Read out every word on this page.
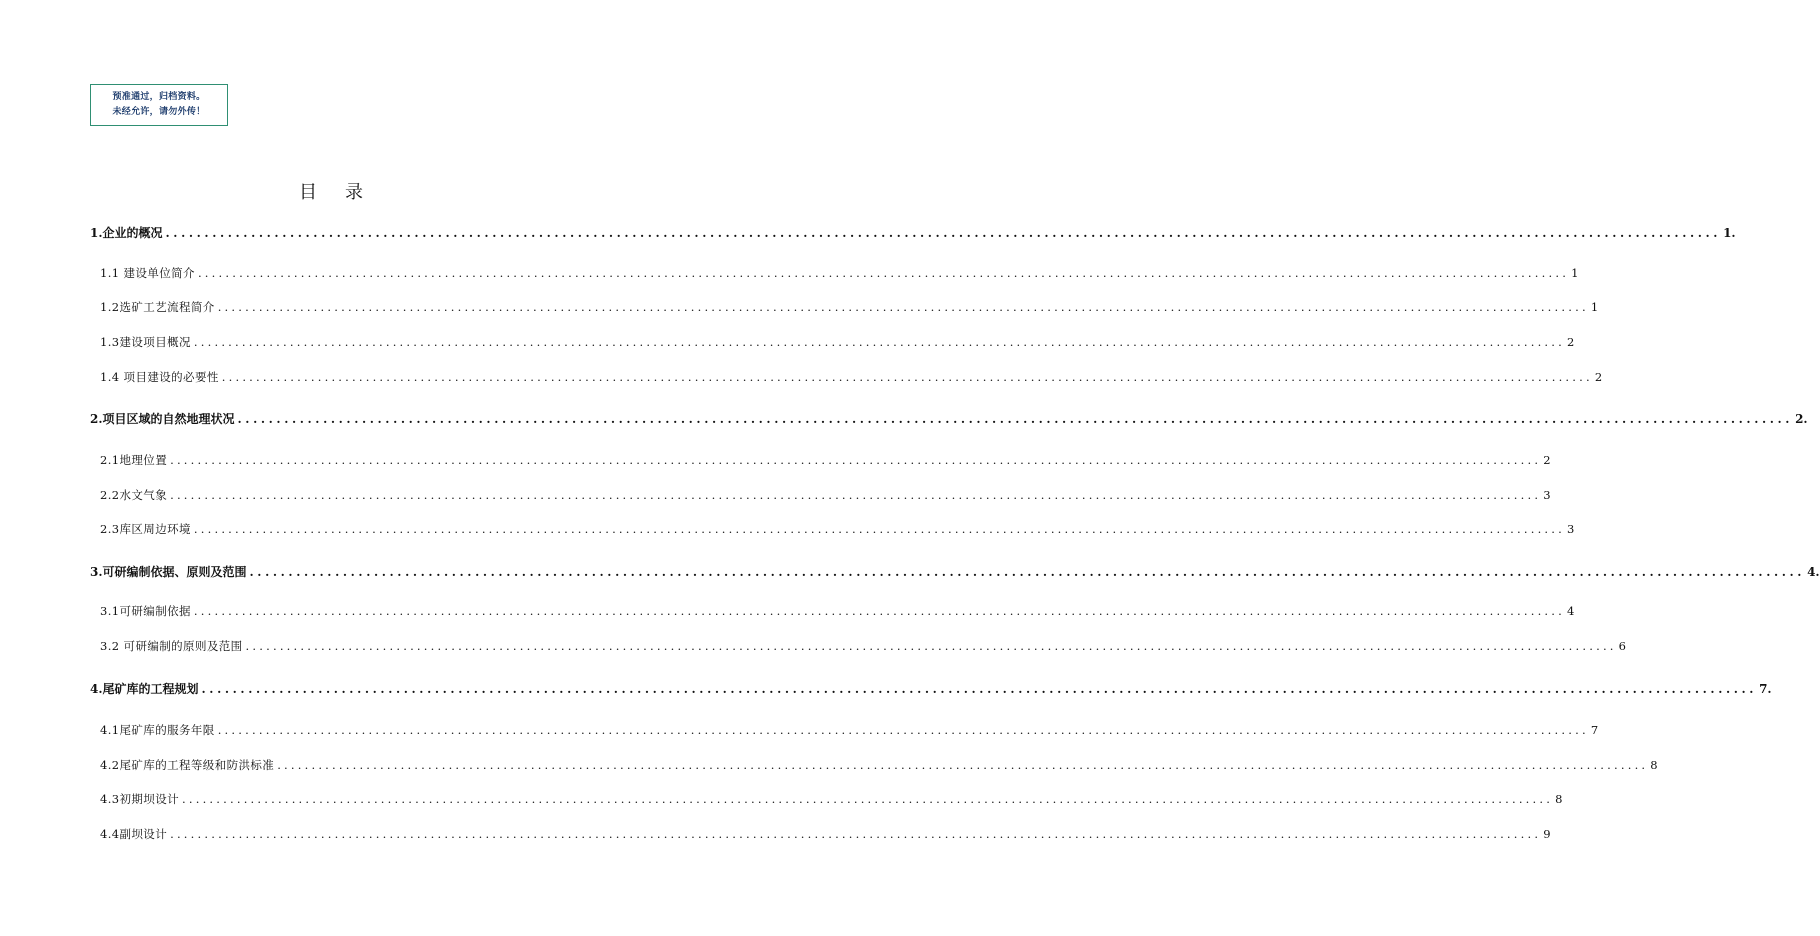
预准通过，归档资料。
未经允许，请勿外传！
目录
1.企业的概况 ........................................................................................................................................................................................................ 1.
1.1 建设单位简介 ........................................................................................................................................................................................................ 1
1.2选矿工艺流程简介 ........................................................................................................................................................................................................ 1
1.3建设项目概况 ........................................................................................................................................................................................................ 2
1.4 项目建设的必要性 ........................................................................................................................................................................................................ 2
2.项目区域的自然地理状况 ........................................................................................................................................................................................................ 2.
2.1地理位置 ........................................................................................................................................................................................................ 2
2.2水文气象 ........................................................................................................................................................................................................ 3
2.3库区周边环境 ........................................................................................................................................................................................................ 3
3.可研编制依据、原则及范围 ........................................................................................................................................................................................................ 4.
3.1可研编制依据 ........................................................................................................................................................................................................ 4
3.2 可研编制的原则及范围 ........................................................................................................................................................................................................ 6
4.尾矿库的工程规划 ........................................................................................................................................................................................................ 7.
4.1尾矿库的服务年限 ........................................................................................................................................................................................................ 7
4.2尾矿库的工程等级和防洪标准 ........................................................................................................................................................................................................ 8
4.3初期坝设计 ........................................................................................................................................................................................................ 8
4.4副坝设计 ........................................................................................................................................................................................................ 9
